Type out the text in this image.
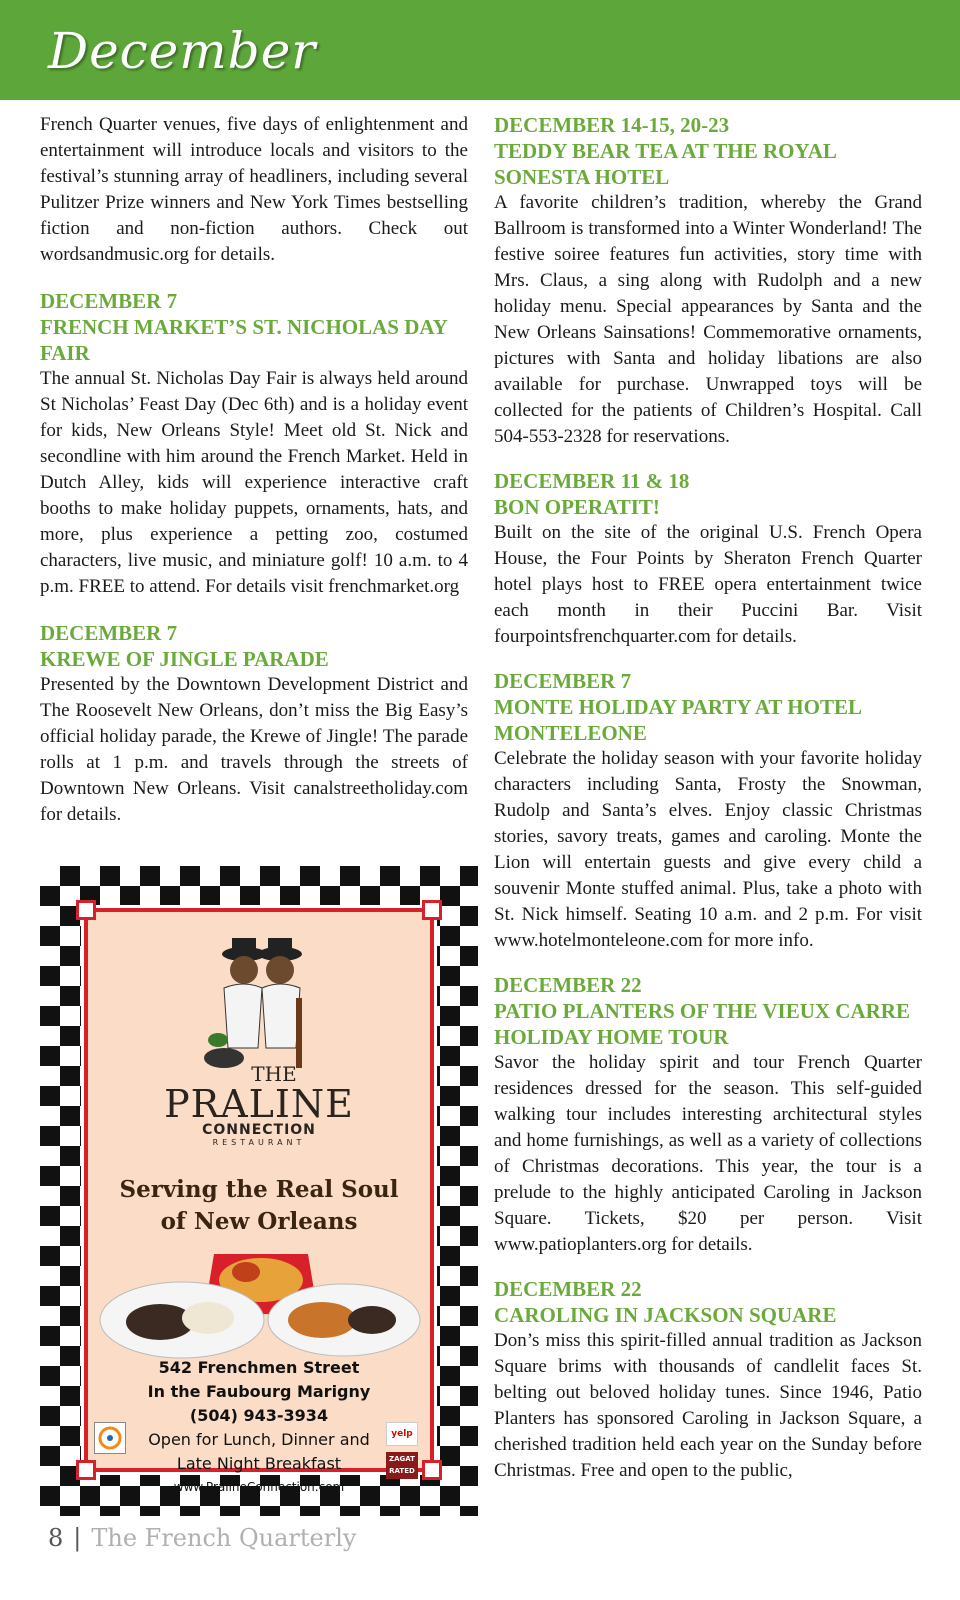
December

French Quarter venues, five days of enlightenment and entertainment will introduce locals and visitors to the festival’s stunning array of headliners, including several Pulitzer Prize winners and New York Times bestselling fiction and non-fiction authors. Check out wordsandmusic.org for details.

DECEMBER 7

FRENCH MARKET’S ST. NICHOLAS DAY FAIR

The annual St. Nicholas Day Fair is always held around St Nicholas’ Feast Day (Dec 6th) and is a holiday event for kids, New Orleans Style! Meet old St. Nick and secondline with him around the French Market. Held in Dutch Alley, kids will experience interactive craft booths to make holiday puppets, ornaments, hats, and more, plus experience a petting zoo, costumed characters, live music, and miniature golf! 10 a.m. to 4 p.m. FREE to attend. For details visit frenchmarket.org

DECEMBER 7

KREWE OF JINGLE PARADE

Presented by the Downtown Development District and The Roosevelt New Orleans, don’t miss the Big Easy’s official holiday parade, the Krewe of Jingle! The parade rolls at 1 p.m. and travels through the streets of Downtown New Orleans. Visit canalstreetholiday.com for details.

DECEMBER 14-15, 20-23

TEDDY BEAR TEA AT THE ROYAL SONESTA HOTEL

A favorite children’s tradition, whereby the Grand Ballroom is transformed into a Winter Wonderland! The festive soiree features fun activities, story time with Mrs. Claus, a sing along with Rudolph and a new holiday menu. Special appearances by Santa and the New Orleans Sainsations! Commemorative ornaments, pictures with Santa and holiday libations are also available for purchase. Unwrapped toys will be collected for the patients of Children’s Hospital. Call 504-553-2328 for reservations.

DECEMBER 11 & 18

BON OPERATIT!

Built on the site of the original U.S. French Opera House, the Four Points by Sheraton French Quarter hotel plays host to FREE opera entertainment twice each month in their Puccini Bar. Visit fourpointsfrenchquarter.com for details.

DECEMBER 7

MONTE HOLIDAY PARTY AT HOTEL MONTELEONE

Celebrate the holiday season with your favorite holiday characters including Santa, Frosty the Snowman, Rudolp and Santa’s elves. Enjoy classic Christmas stories, savory treats, games and caroling. Monte the Lion will entertain guests and give every child a souvenir Monte stuffed animal. Plus, take a photo with St. Nick himself. Seating 10 a.m. and 2 p.m. For visit www.hotelmonteleone.com for more info.

DECEMBER 22

PATIO PLANTERS OF THE VIEUX CARRE HOLIDAY HOME TOUR

Savor the holiday spirit and tour French Quarter residences dressed for the season. This self-guided walking tour includes interesting architectural styles and home furnishings, as well as a variety of collections of Christmas decorations. This year, the tour is a prelude to the highly anticipated Caroling in Jackson Square. Tickets, $20 per person. Visit www.patioplanters.org for details.

DECEMBER 22

CAROLING IN JACKSON SQUARE

Don’s miss this spirit-filled annual tradition as Jackson Square brims with thousands of candlelit faces St. belting out beloved holiday tunes. Since 1946, Patio Planters has sponsored Caroling in Jackson Square, a cherished tradition held each year on the Sunday before Christmas. Free and open to the public,

THE
PRALINE
CONNECTION
RESTAURANT
Serving the Real Soul
of New Orleans
542 Frenchmen Street
In the Faubourg Marigny
(504) 943-3934
Open for Lunch, Dinner and
Late Night Breakfast
www.PralineConnection.com
yelp
ZAGAT
RATED
8 | The French Quarterly
